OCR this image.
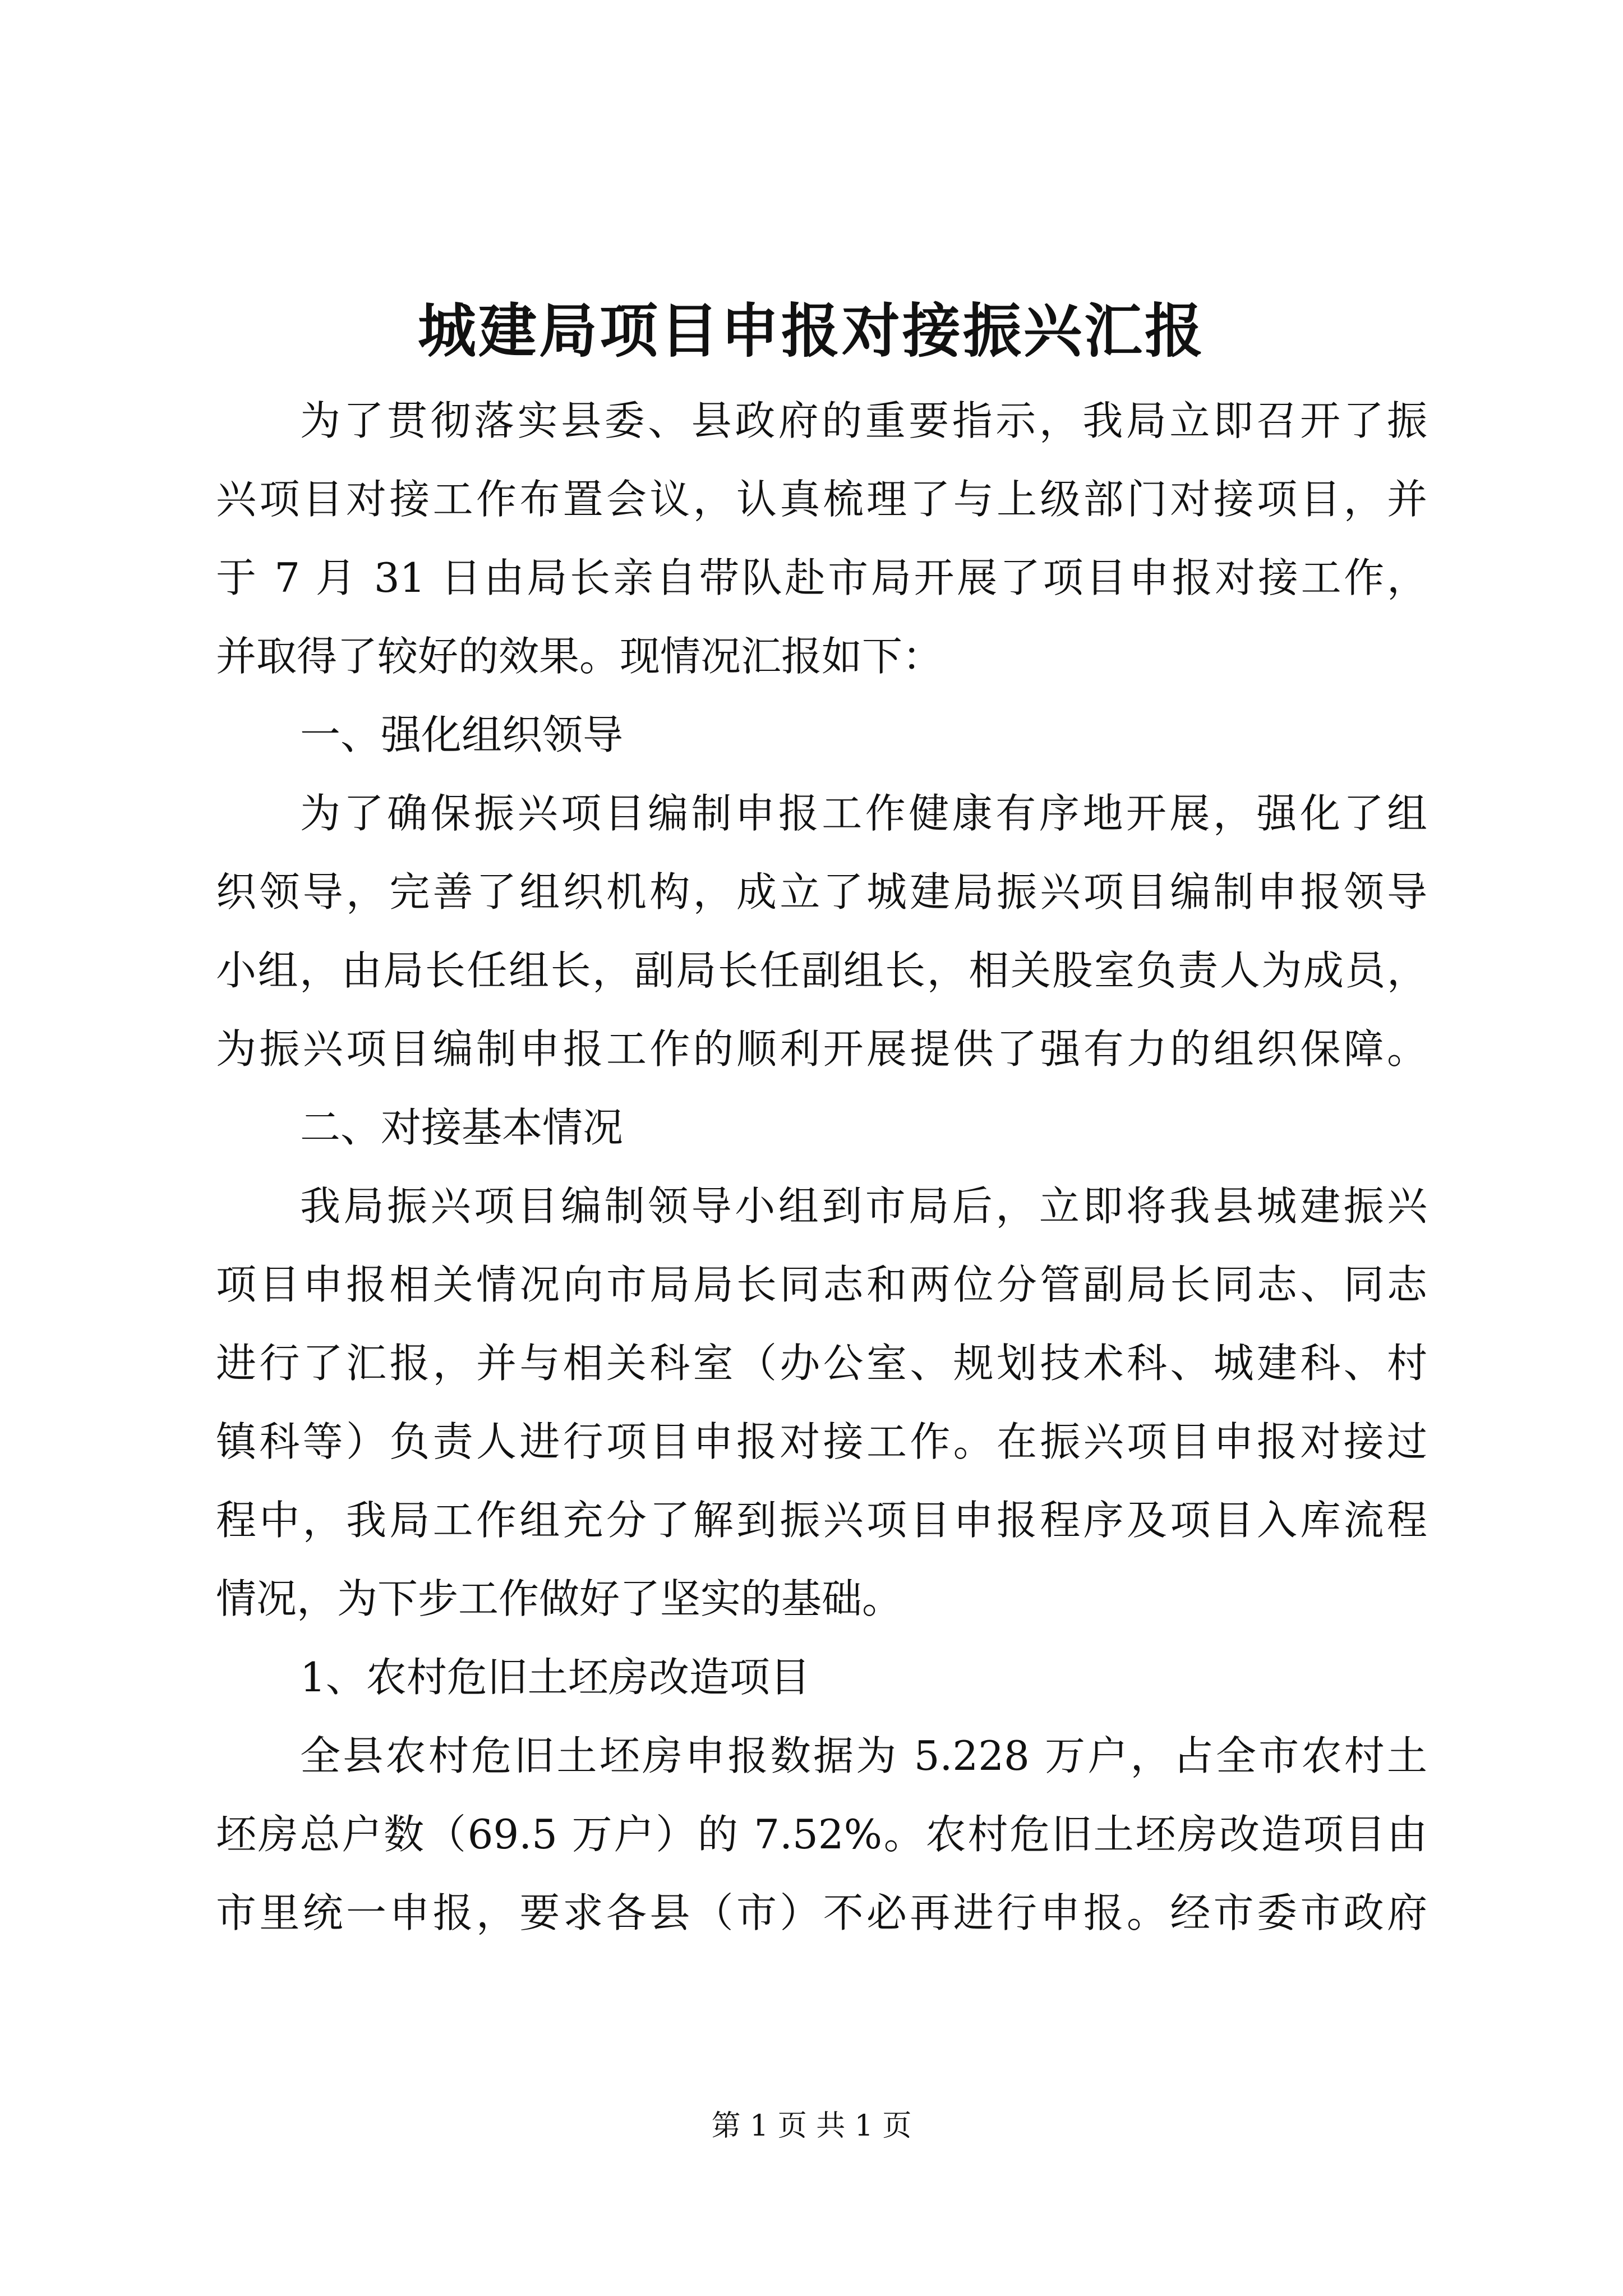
城建局项目申报对接振兴汇报
为了贯彻落实县委、县政府的重要指示，我局立即召开了振
兴项目对接工作布置会议，认真梳理了与上级部门对接项目，并
于 7 月 31 日由局长亲自带队赴市局开展了项目申报对接工作，
并取得了较好的效果。现情况汇报如下：
一、强化组织领导
为了确保振兴项目编制申报工作健康有序地开展，强化了组
织领导，完善了组织机构，成立了城建局振兴项目编制申报领导
小组，由局长任组长，副局长任副组长，相关股室负责人为成员，
为振兴项目编制申报工作的顺利开展提供了强有力的组织保障。
二、对接基本情况
我局振兴项目编制领导小组到市局后，立即将我县城建振兴
项目申报相关情况向市局局长同志和两位分管副局长同志、同志
进行了汇报，并与相关科室（办公室、规划技术科、城建科、村
镇科等）负责人进行项目申报对接工作。在振兴项目申报对接过
程中，我局工作组充分了解到振兴项目申报程序及项目入库流程
情况，为下步工作做好了坚实的基础。
1、农村危旧土坯房改造项目
全县农村危旧土坯房申报数据为 5.228 万户，占全市农村土
坯房总户数（69.5 万户）的 7.52%。农村危旧土坯房改造项目由
市里统一申报，要求各县（市）不必再进行申报。经市委市政府
第 1 页 共 1 页
